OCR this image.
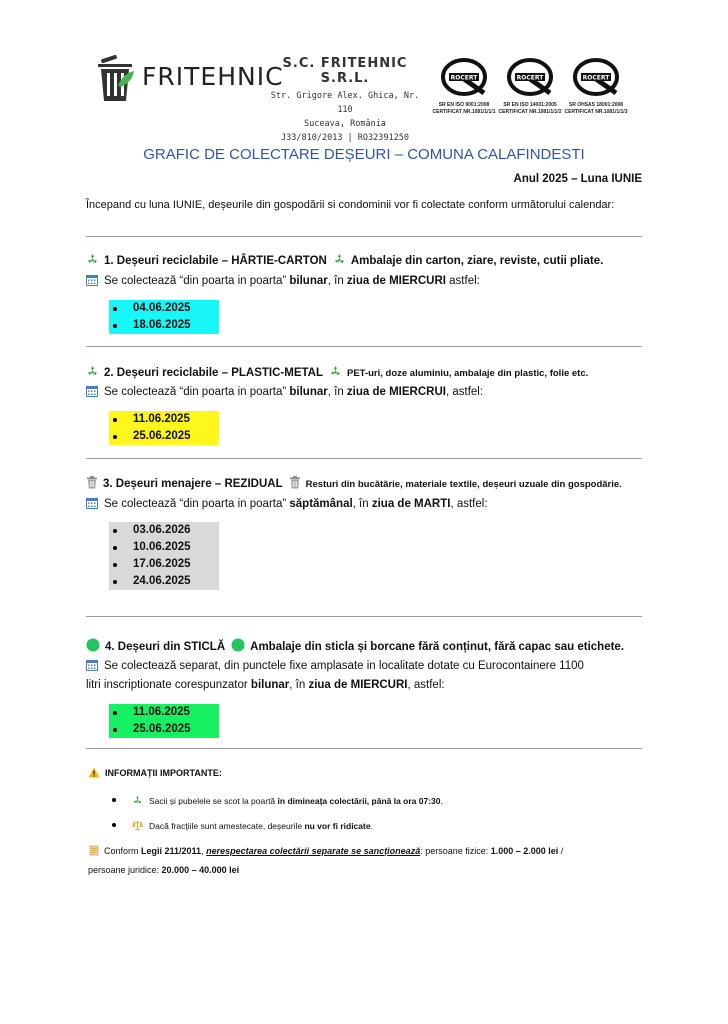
FRITEHNIC S.C. FRITEHNIC S.R.L.
Str. Grigore Alex. Ghica, Nr. 110
Suceava, România
J33/810/2013 | RO32391250
ROCERT
SR EN ISO 9001:2008
CERTIFICAT NR.1081/1/1/1
ROCERT
SR EN ISO 14001:2005
CERTIFICAT NR.1081/1/1/2
ROCERT
SR OHSAS 18001:2008
CERTIFICAT NR.1081/1/1/3
GRAFIC DE COLECTARE DEȘEURI – COMUNA CALAFINDESTI
Anul 2025 – Luna IUNIE
Începand cu luna IUNIE, deșeurile din gospodării si condominii vor fi colectate conform următorului calendar:
1. Deșeuri reciclabile – HÂRTIE-CARTON Ambalaje din carton, ziare, reviste, cutii pliate.
Se colectează “din poarta in poarta” bilunar, în ziua de MIERCURI astfel:
04.06.2025
18.06.2025
2. Deșeuri reciclabile – PLASTIC-METAL	PET-uri, doze aluminiu, ambalaje din plastic, folie etc.
Se colectează “din poarta in poarta” bilunar, în ziua de MIERCRUI, astfel:
11.06.2025
25.06.2025
3. Deșeuri menajere – REZIDUAL Resturi din bucătărie, materiale textile, deșeuri uzuale din gospodărie.
Se colectează “din poarta in poarta” săptămânal, în ziua de MARTI, astfel:
03.06.2026
10.06.2025
17.06.2025
24.06.2025
4. Deșeuri din STICLĂ Ambalaje din sticla și borcane fără conținut, fără capac sau etichete.
Se colectează separat, din punctele fixe amplasate in localitate dotate cu Eurocontainere 1100
litri inscriptionate corespunzator bilunar, în ziua de MIERCURI, astfel:
11.06.2025
25.06.2025
INFORMAȚII IMPORTANTE:
Sacii și pubelele se scot la poartă în dimineața colectării, până la ora 07:30.
Dacă fracțiile sunt amestecate, deșeurile nu vor fi ridicate.
Conform Legii 211/2011, nerespectarea colectării separate se sancționează: persoane fizice: 1.000 – 2.000 lei /
persoane juridice: 20.000 – 40.000 lei
